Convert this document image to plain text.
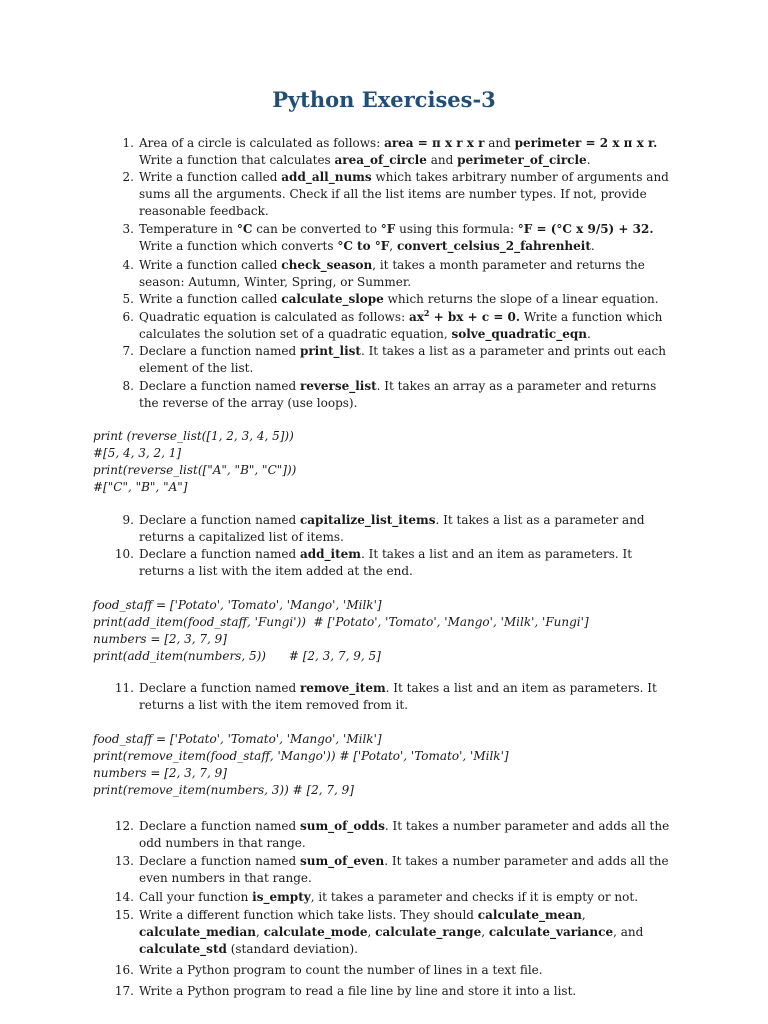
Python Exercises-3
1. Area of a circle is calculated as follows: area = π x r x r and perimeter = 2 x π x r. Write a function that calculates area_of_circle and perimeter_of_circle.
2. Write a function called add_all_nums which takes arbitrary number of arguments and sums all the arguments. Check if all the list items are number types. If not, provide reasonable feedback.
3. Temperature in °C can be converted to °F using this formula: °F = (°C x 9/5) + 32. Write a function which converts °C to °F, convert_celsius_2_fahrenheit.
4. Write a function called check_season, it takes a month parameter and returns the season: Autumn, Winter, Spring, or Summer.
5. Write a function called calculate_slope which returns the slope of a linear equation.
6. Quadratic equation is calculated as follows: $ax^2$ + bx + c = 0. Write a function which calculates the solution set of a quadratic equation, solve_quadratic_eqn.
7. Declare a function named print_list. It takes a list as a parameter and prints out each element of the list.
8. Declare a function named reverse_list. It takes an array as a parameter and returns the reverse of the array (use loops).
9. Declare a function named capitalize_list_items. It takes a list as a parameter and returns a capitalized list of items.
10. Declare a function named add_item. It takes a list and an item as parameters. It returns a list with the item added at the end.
11. Declare a function named remove_item. It takes a list and an item as parameters. It returns a list with the item removed from it.
12. Declare a function named sum_of_odds. It takes a number parameter and adds all the odd numbers in that range.
13. Declare a function named sum_of_even. It takes a number parameter and adds all the even numbers in that range.
14. Call your function is_empty, it takes a parameter and checks if it is empty or not.
15. Write a different function which take lists. They should calculate_mean, calculate_median, calculate_mode, calculate_range, calculate_variance, and calculate_std (standard deviation).
16. Write a Python program to count the number of lines in a text file.
17. Write a Python program to read a file line by line and store it into a list.
print (reverse_list([1, 2, 3, 4, 5]))
#[5, 4, 3, 2, 1]
print(reverse_list(["A", "B", "C"]))
#["C", "B", "A"]
food_staff = ['Potato', 'Tomato', 'Mango', 'Milk']
print(add_item(food_staff, 'Fungi'))  # ['Potato', 'Tomato', 'Mango', 'Milk', 'Fungi']
numbers = [2, 3, 7, 9]
print(add_item(numbers, 5))      # [2, 3, 7, 9, 5]
food_staff = ['Potato', 'Tomato', 'Mango', 'Milk']
print(remove_item(food_staff, 'Mango')) # ['Potato', 'Tomato', 'Milk']
numbers = [2, 3, 7, 9]
print(remove_item(numbers, 3)) # [2, 7, 9]
